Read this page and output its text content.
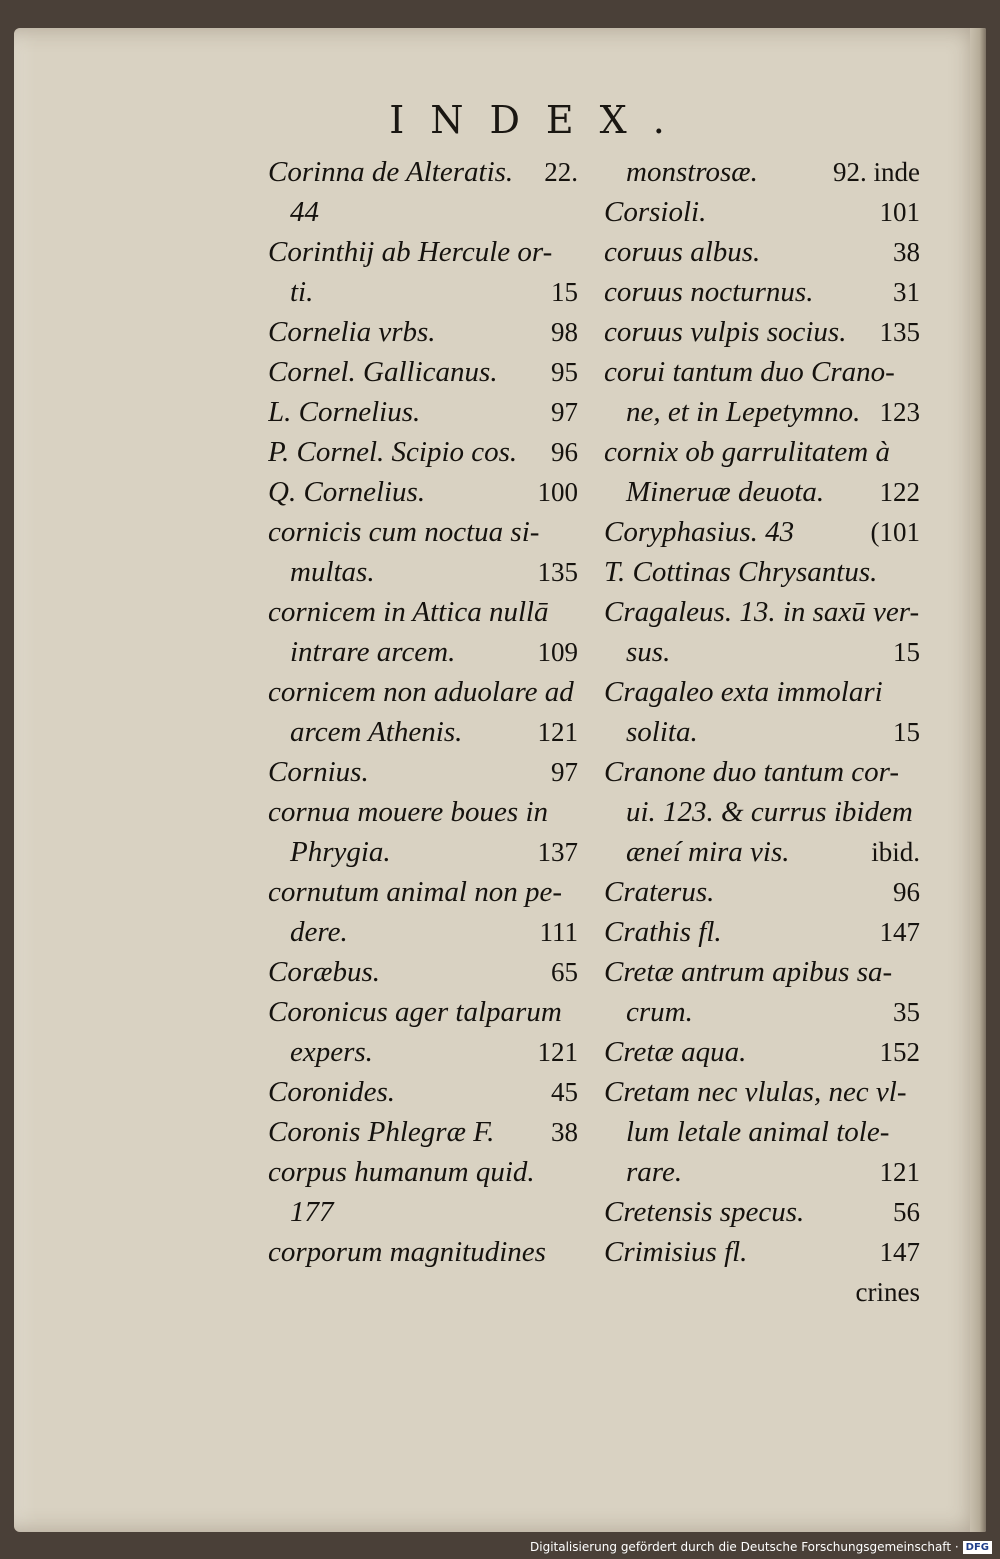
INDEX.
Corinna de Alteratis. 22.
44
Corinthij ab Hercule or-
ti.	15
Cornelia vrbs.	98
Cornel. Gallicanus. 95
L. Cornelius.	97
P. Cornel. Scipio cos. 96
Q. Cornelius.	100
cornicis cum noctua si-
multas.	135
cornicem in Attica nullā
intrare arcem.	109
cornicem non aduolare ad
arcem Athenis.	121
Cornius.	97
cornua mouere boues in
Phrygia.	137
cornutum animal non pe-
dere.	111
Coræbus.	65
Coronicus ager talparum
expers.	121
Coronides.	45
Coronis Phlegræ F. 38
corpus humanum quid.
177
corporum magnitudines
monstrosæ.	92. inde
Corsioli.	101
coruus albus.	38
coruus nocturnus.	31
coruus vulpis socius. 135
corui tantum duo Crano-
ne, et in Lepetymno. 123
cornix ob garrulitatem à
Mineruæ deuota. 122
Coryphasius. 43	(101
T. Cottinas Chrysantus.
Cragaleus. 13. in saxū ver-
sus.	15
Cragaleo exta immolari
solita.	15
Cranone duo tantum cor-
ui. 123. & currus ibidem
æneí mira vis.	ibid.
Craterus.	96
Crathis fl.	147
Cretæ antrum apibus sa-
crum.	35
Cretæ aqua.	152
Cretam nec vlulas, nec vl-
lum letale animal tole-
rare.	121
Cretensis specus.	56
Crimisius fl.	147
crines
Digitalisierung gefördert durch die Deutsche Forschungsgemeinschaft · DFG
